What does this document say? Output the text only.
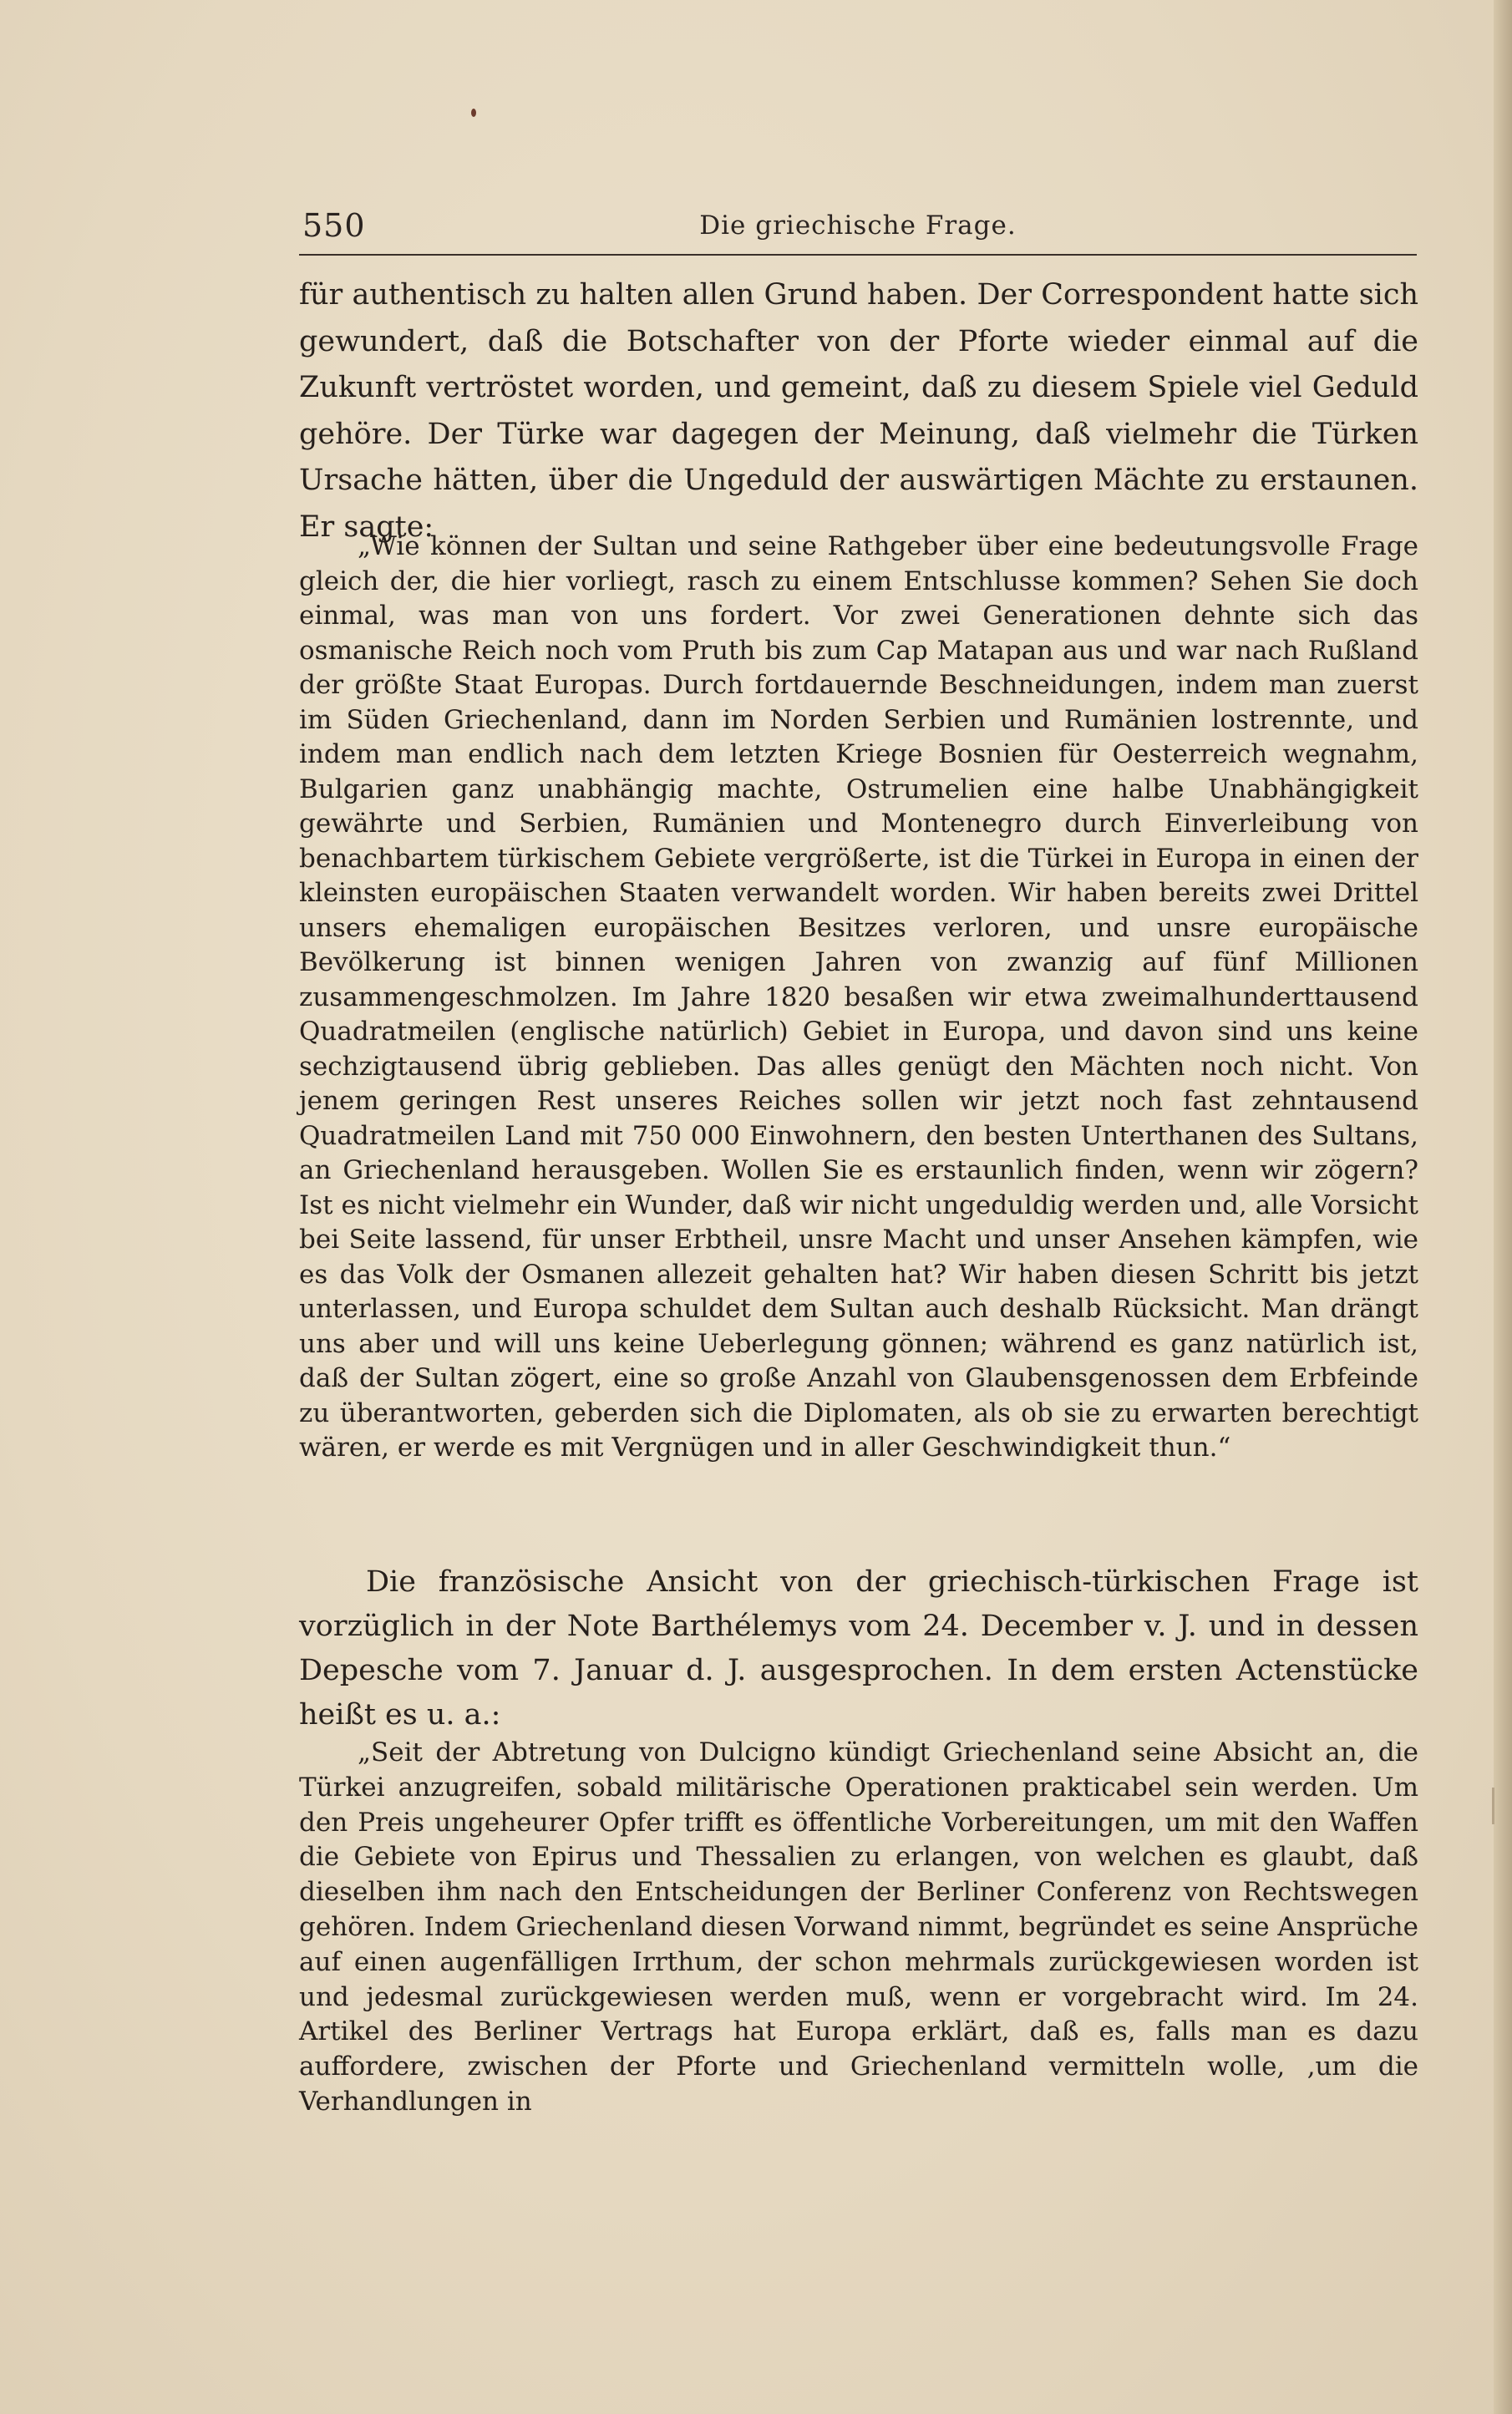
550	Die griechische Frage.

für authentisch zu halten allen Grund haben. Der Correspondent hatte sich gewundert, daß die Botschafter von der Pforte wieder einmal auf die Zukunft vertröstet worden, und gemeint, daß zu diesem Spiele viel Geduld gehöre. Der Türke war dagegen der Meinung, daß vielmehr die Türken Ursache hätten, über die Ungeduld der auswärtigen Mächte zu erstaunen. Er sagte:

„Wie können der Sultan und seine Rathgeber über eine bedeutungsvolle Frage gleich der, die hier vorliegt, rasch zu einem Entschlusse kommen? Sehen Sie doch einmal, was man von uns fordert. Vor zwei Generationen dehnte sich das osmanische Reich noch vom Pruth bis zum Cap Matapan aus und war nach Rußland der größte Staat Europas. Durch fortdauernde Beschneidungen, indem man zuerst im Süden Griechenland, dann im Norden Serbien und Rumänien lostrennte, und indem man endlich nach dem letzten Kriege Bosnien für Oesterreich wegnahm, Bulgarien ganz unabhängig machte, Ostrumelien eine halbe Unabhängigkeit gewährte und Serbien, Rumänien und Montenegro durch Einverleibung von benachbartem türkischem Gebiete vergrößerte, ist die Türkei in Europa in einen der kleinsten europäischen Staaten verwandelt worden. Wir haben bereits zwei Drittel unsers ehemaligen europäischen Besitzes verloren, und unsre europäische Bevölkerung ist binnen wenigen Jahren von zwanzig auf fünf Millionen zusammengeschmolzen. Im Jahre 1820 besaßen wir etwa zweimalhunderttausend Quadratmeilen (englische natürlich) Gebiet in Europa, und davon sind uns keine sechzigtausend übrig geblieben. Das alles genügt den Mächten noch nicht. Von jenem geringen Rest unseres Reiches sollen wir jetzt noch fast zehntausend Quadratmeilen Land mit 750 000 Einwohnern, den besten Unterthanen des Sultans, an Griechenland herausgeben. Wollen Sie es erstaunlich finden, wenn wir zögern? Ist es nicht vielmehr ein Wunder, daß wir nicht ungeduldig werden und, alle Vorsicht bei Seite lassend, für unser Erbtheil, unsre Macht und unser Ansehen kämpfen, wie es das Volk der Osmanen allezeit gehalten hat? Wir haben diesen Schritt bis jetzt unterlassen, und Europa schuldet dem Sultan auch deshalb Rücksicht. Man drängt uns aber und will uns keine Ueberlegung gönnen; während es ganz natürlich ist, daß der Sultan zögert, eine so große Anzahl von Glaubensgenossen dem Erbfeinde zu überantworten, geberden sich die Diplomaten, als ob sie zu erwarten berechtigt wären, er werde es mit Vergnügen und in aller Geschwindigkeit thun.“

Die französische Ansicht von der griechisch-türkischen Frage ist vorzüglich in der Note Barthélemys vom 24. December v. J. und in dessen Depesche vom 7. Januar d. J. ausgesprochen. In dem ersten Actenstücke heißt es u. a.:

„Seit der Abtretung von Dulcigno kündigt Griechenland seine Absicht an, die Türkei anzugreifen, sobald militärische Operationen prakticabel sein werden. Um den Preis ungeheurer Opfer trifft es öffentliche Vorbereitungen, um mit den Waffen die Gebiete von Epirus und Thessalien zu erlangen, von welchen es glaubt, daß dieselben ihm nach den Entscheidungen der Berliner Conferenz von Rechtswegen gehören. Indem Griechenland diesen Vorwand nimmt, begründet es seine Ansprüche auf einen augenfälligen Irrthum, der schon mehrmals zurückgewiesen worden ist und jedesmal zurückgewiesen werden muß, wenn er vorgebracht wird. Im 24. Artikel des Berliner Vertrags hat Europa erklärt, daß es, falls man es dazu auffordere, zwischen der Pforte und Griechenland vermitteln wolle, ‚um die Verhandlungen in
